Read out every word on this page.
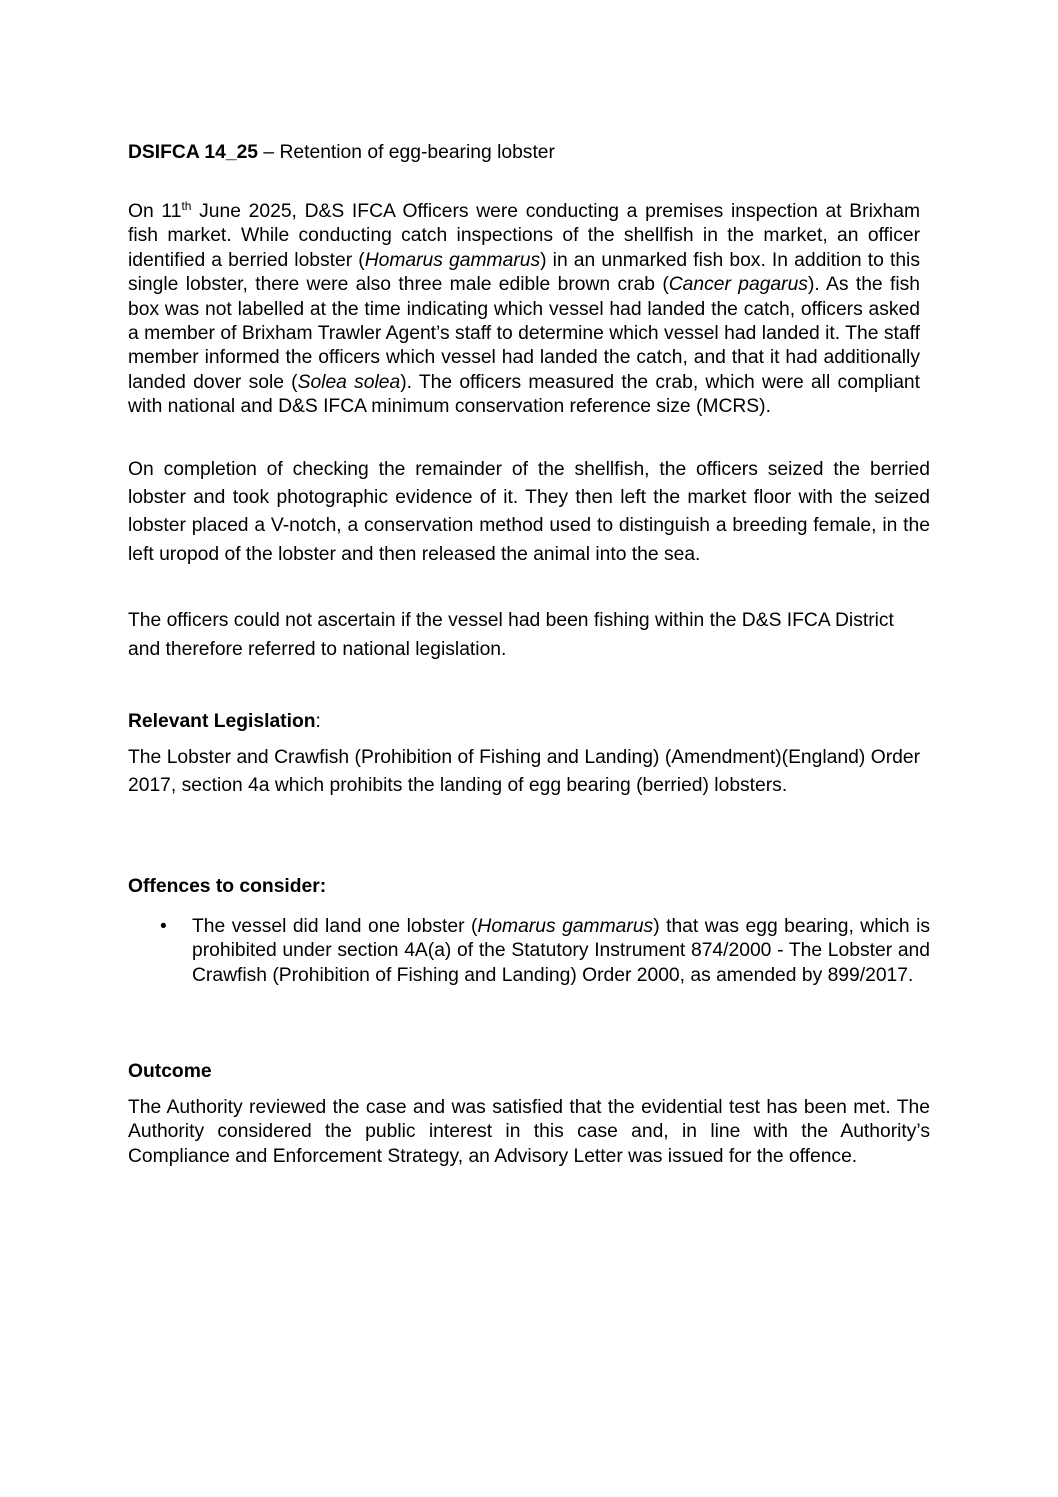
DSIFCA 14_25 – Retention of egg-bearing lobster
On 11th June 2025, D&S IFCA Officers were conducting a premises inspection at Brixham fish market. While conducting catch inspections of the shellfish in the market, an officer identified a berried lobster (Homarus gammarus) in an unmarked fish box. In addition to this single lobster, there were also three male edible brown crab (Cancer pagarus). As the fish box was not labelled at the time indicating which vessel had landed the catch, officers asked a member of Brixham Trawler Agent’s staff to determine which vessel had landed it. The staff member informed the officers which vessel had landed the catch, and that it had additionally landed dover sole (Solea solea). The officers measured the crab, which were all compliant with national and D&S IFCA minimum conservation reference size (MCRS).
On completion of checking the remainder of the shellfish, the officers seized the berried lobster and took photographic evidence of it. They then left the market floor with the seized lobster placed a V-notch, a conservation method used to distinguish a breeding female, in the left uropod of the lobster and then released the animal into the sea.
The officers could not ascertain if the vessel had been fishing within the D&S IFCA District and therefore referred to national legislation.
Relevant Legislation:
The Lobster and Crawfish (Prohibition of Fishing and Landing) (Amendment)(England) Order 2017, section 4a which prohibits the landing of egg bearing (berried) lobsters.
Offences to consider:
• The vessel did land one lobster (Homarus gammarus) that was egg bearing, which is prohibited under section 4A(a) of the Statutory Instrument 874/2000 - The Lobster and Crawfish (Prohibition of Fishing and Landing) Order 2000, as amended by 899/2017.
Outcome
The Authority reviewed the case and was satisfied that the evidential test has been met. The Authority considered the public interest in this case and, in line with the Authority’s Compliance and Enforcement Strategy, an Advisory Letter was issued for the offence.
